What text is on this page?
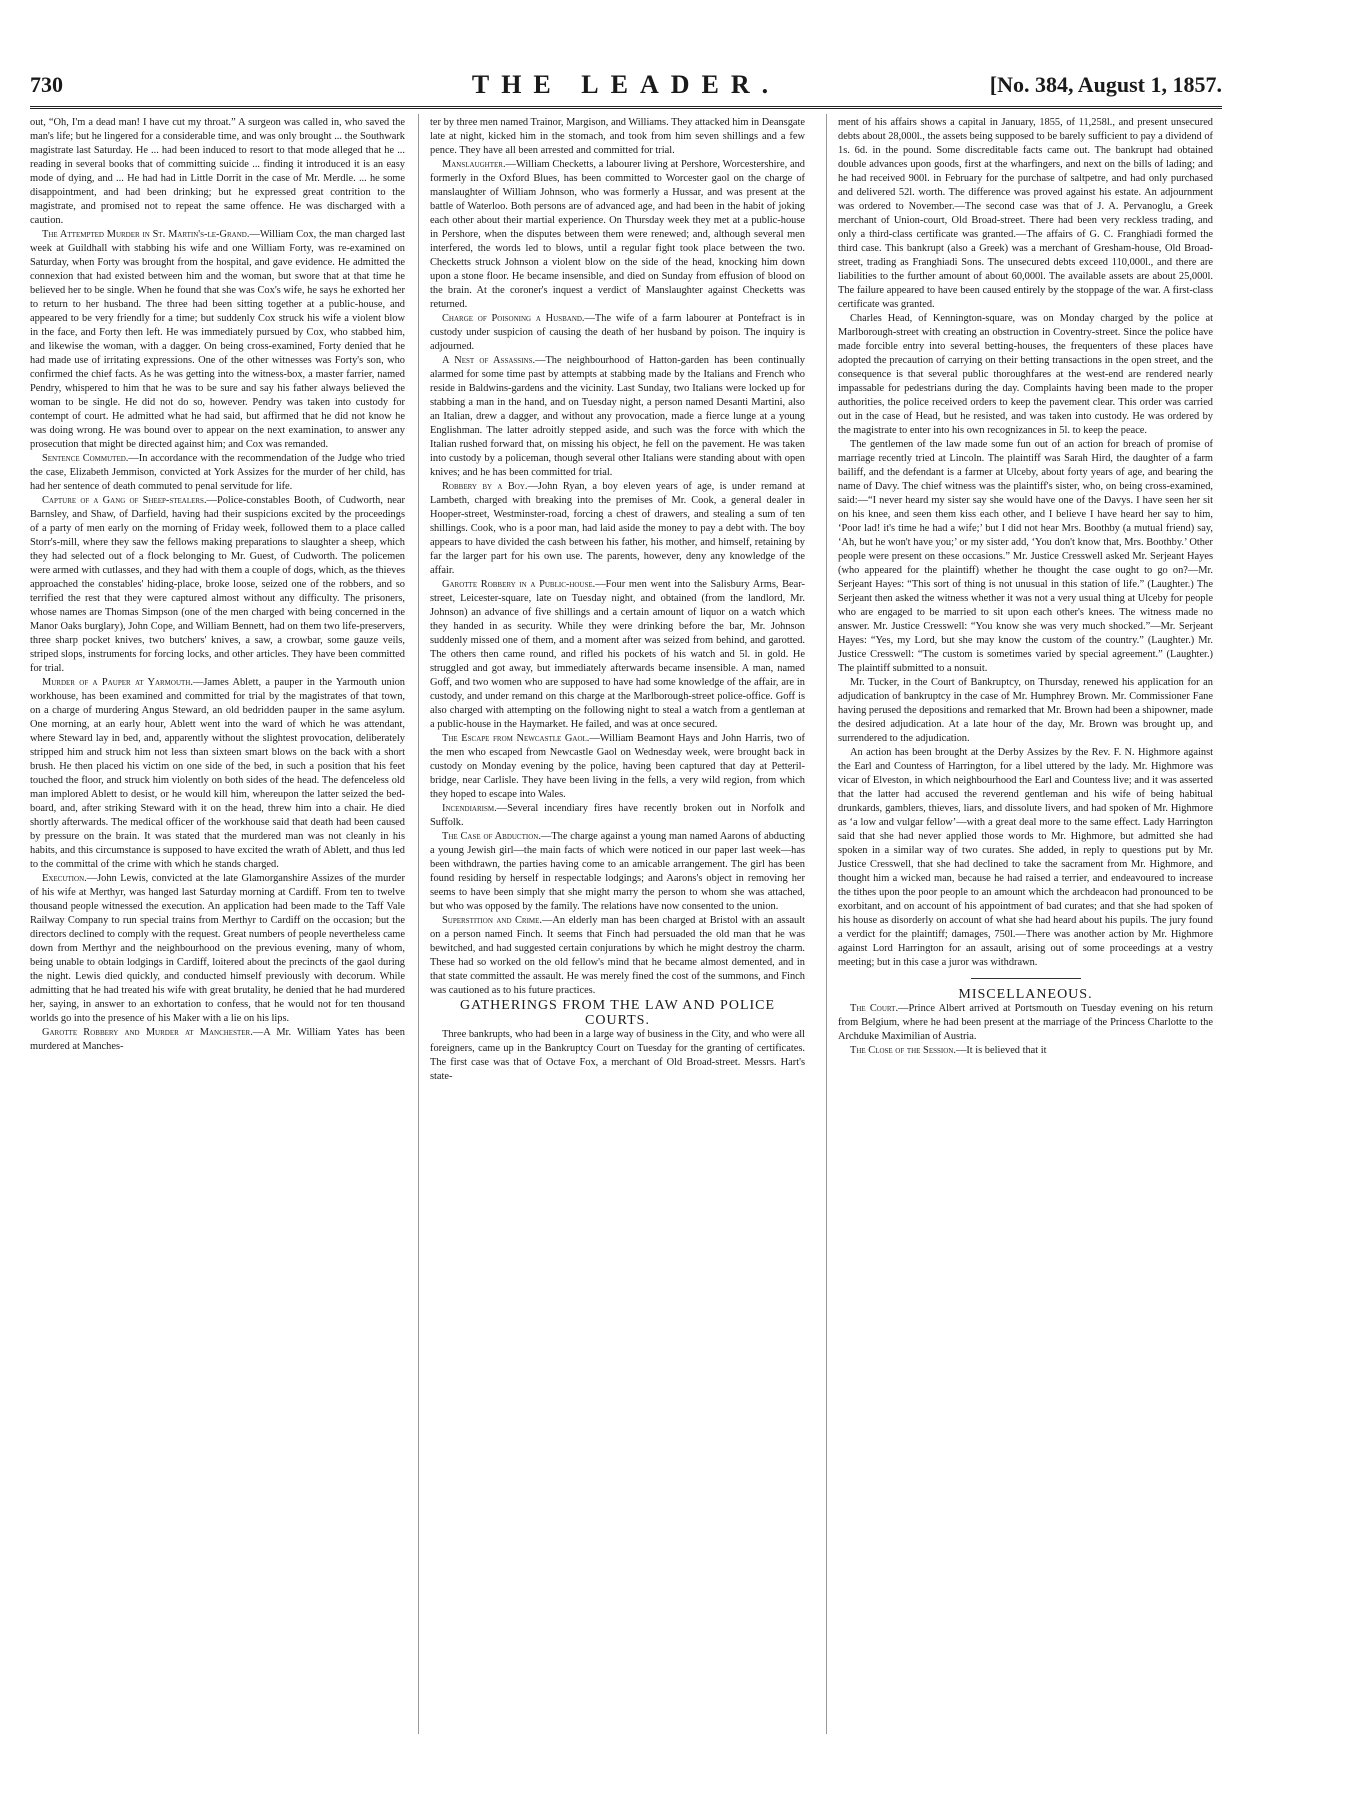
730	THE LEADER.	[No. 384, August 1, 1857.

out, “Oh, I'm a dead man! I have cut my throat.” A surgeon was called in, who saved the man's life; but he lingered for a considerable time, and was only brought ... the Southwark magistrate last Saturday. He ... had been induced to resort to that mode alleged that he ... reading in several books that of committing suicide ... finding it introduced it is an easy mode of dying, and ... He had had in Little Dorrit in the case of Mr. Merdle. ... he some disappointment, and had been drinking; but he expressed great contrition to the magistrate, and promised not to repeat the same offence. He was discharged with a caution.

The Attempted Murder in St. Martin's-le-Grand.—William Cox, the man charged last week at Guildhall with stabbing his wife and one William Forty, was re-examined on Saturday, when Forty was brought from the hospital, and gave evidence. He admitted the connexion that had existed between him and the woman, but swore that at that time he believed her to be single. When he found that she was Cox's wife, he says he exhorted her to return to her husband. The three had been sitting together at a public-house, and appeared to be very friendly for a time; but suddenly Cox struck his wife a violent blow in the face, and Forty then left. He was immediately pursued by Cox, who stabbed him, and likewise the woman, with a dagger. On being cross-examined, Forty denied that he had made use of irritating expressions. One of the other witnesses was Forty's son, who confirmed the chief facts. As he was getting into the witness-box, a master farrier, named Pendry, whispered to him that he was to be sure and say his father always believed the woman to be single. He did not do so, however. Pendry was taken into custody for contempt of court. He admitted what he had said, but affirmed that he did not know he was doing wrong. He was bound over to appear on the next examination, to answer any prosecution that might be directed against him; and Cox was remanded.

Sentence Commuted.—In accordance with the recommendation of the Judge who tried the case, Elizabeth Jemmison, convicted at York Assizes for the murder of her child, has had her sentence of death commuted to penal servitude for life.

Capture of a Gang of Sheep-stealers.—Police-constables Booth, of Cudworth, near Barnsley, and Shaw, of Darfield, having had their suspicions excited by the proceedings of a party of men early on the morning of Friday week, followed them to a place called Storr's-mill, where they saw the fellows making preparations to slaughter a sheep, which they had selected out of a flock belonging to Mr. Guest, of Cudworth. The policemen were armed with cutlasses, and they had with them a couple of dogs, which, as the thieves approached the constables' hiding-place, broke loose, seized one of the robbers, and so terrified the rest that they were captured almost without any difficulty. The prisoners, whose names are Thomas Simpson (one of the men charged with being concerned in the Manor Oaks burglary), John Cope, and William Bennett, had on them two life-preservers, three sharp pocket knives, two butchers' knives, a saw, a crowbar, some gauze veils, striped slops, instruments for forcing locks, and other articles. They have been committed for trial.

Murder of a Pauper at Yarmouth.—James Ablett, a pauper in the Yarmouth union workhouse, has been examined and committed for trial by the magistrates of that town, on a charge of murdering Angus Steward, an old bedridden pauper in the same asylum. One morning, at an early hour, Ablett went into the ward of which he was attendant, where Steward lay in bed, and, apparently without the slightest provocation, deliberately stripped him and struck him not less than sixteen smart blows on the back with a short brush. He then placed his victim on one side of the bed, in such a position that his feet touched the floor, and struck him violently on both sides of the head. The defenceless old man implored Ablett to desist, or he would kill him, whereupon the latter seized the bed-board, and, after striking Steward with it on the head, threw him into a chair. He died shortly afterwards. The medical officer of the workhouse said that death had been caused by pressure on the brain. It was stated that the murdered man was not cleanly in his habits, and this circumstance is supposed to have excited the wrath of Ablett, and thus led to the committal of the crime with which he stands charged.

Execution.—John Lewis, convicted at the late Glamorganshire Assizes of the murder of his wife at Merthyr, was hanged last Saturday morning at Cardiff. From ten to twelve thousand people witnessed the execution. An application had been made to the Taff Vale Railway Company to run special trains from Merthyr to Cardiff on the occasion; but the directors declined to comply with the request. Great numbers of people nevertheless came down from Merthyr and the neighbourhood on the previous evening, many of whom, being unable to obtain lodgings in Cardiff, loitered about the precincts of the gaol during the night. Lewis died quickly, and conducted himself previously with decorum. While admitting that he had treated his wife with great brutality, he denied that he had murdered her, saying, in answer to an exhortation to confess, that he would not for ten thousand worlds go into the presence of his Maker with a lie on his lips.

Garotte Robbery and Murder at Manchester.—A Mr. William Yates has been murdered at Manches-

ter by three men named Trainor, Margison, and Williams. They attacked him in Deansgate late at night, kicked him in the stomach, and took from him seven shillings and a few pence. They have all been arrested and committed for trial.

Manslaughter.—William Checketts, a labourer living at Pershore, Worcestershire, and formerly in the Oxford Blues, has been committed to Worcester gaol on the charge of manslaughter of William Johnson, who was formerly a Hussar, and was present at the battle of Waterloo. Both persons are of advanced age, and had been in the habit of joking each other about their martial experience. On Thursday week they met at a public-house in Pershore, when the disputes between them were renewed; and, although several men interfered, the words led to blows, until a regular fight took place between the two. Checketts struck Johnson a violent blow on the side of the head, knocking him down upon a stone floor. He became insensible, and died on Sunday from effusion of blood on the brain. At the coroner's inquest a verdict of Manslaughter against Checketts was returned.

Charge of Poisoning a Husband.—The wife of a farm labourer at Pontefract is in custody under suspicion of causing the death of her husband by poison. The inquiry is adjourned.

A Nest of Assassins.—The neighbourhood of Hatton-garden has been continually alarmed for some time past by attempts at stabbing made by the Italians and French who reside in Baldwins-gardens and the vicinity. Last Sunday, two Italians were locked up for stabbing a man in the hand, and on Tuesday night, a person named Desanti Martini, also an Italian, drew a dagger, and without any provocation, made a fierce lunge at a young Englishman. The latter adroitly stepped aside, and such was the force with which the Italian rushed forward that, on missing his object, he fell on the pavement. He was taken into custody by a policeman, though several other Italians were standing about with open knives; and he has been committed for trial.

Robbery by a Boy.—John Ryan, a boy eleven years of age, is under remand at Lambeth, charged with breaking into the premises of Mr. Cook, a general dealer in Hooper-street, Westminster-road, forcing a chest of drawers, and stealing a sum of ten shillings. Cook, who is a poor man, had laid aside the money to pay a debt with. The boy appears to have divided the cash between his father, his mother, and himself, retaining by far the larger part for his own use. The parents, however, deny any knowledge of the affair.

Garotte Robbery in a Public-house.—Four men went into the Salisbury Arms, Bear-street, Leicester-square, late on Tuesday night, and obtained (from the landlord, Mr. Johnson) an advance of five shillings and a certain amount of liquor on a watch which they handed in as security. While they were drinking before the bar, Mr. Johnson suddenly missed one of them, and a moment after was seized from behind, and garotted. The others then came round, and rifled his pockets of his watch and 5l. in gold. He struggled and got away, but immediately afterwards became insensible. A man, named Goff, and two women who are supposed to have had some knowledge of the affair, are in custody, and under remand on this charge at the Marlborough-street police-office. Goff is also charged with attempting on the following night to steal a watch from a gentleman at a public-house in the Haymarket. He failed, and was at once secured.

The Escape from Newcastle Gaol.—William Beamont Hays and John Harris, two of the men who escaped from Newcastle Gaol on Wednesday week, were brought back in custody on Monday evening by the police, having been captured that day at Petteril-bridge, near Carlisle. They have been living in the fells, a very wild region, from which they hoped to escape into Wales.

Incendiarism.—Several incendiary fires have recently broken out in Norfolk and Suffolk.

The Case of Abduction.—The charge against a young man named Aarons of abducting a young Jewish girl—the main facts of which were noticed in our paper last week—has been withdrawn, the parties having come to an amicable arrangement. The girl has been found residing by herself in respectable lodgings; and Aarons's object in removing her seems to have been simply that she might marry the person to whom she was attached, but who was opposed by the family. The relations have now consented to the union.

Superstition and Crime.—An elderly man has been charged at Bristol with an assault on a person named Finch. It seems that Finch had persuaded the old man that he was bewitched, and had suggested certain conjurations by which he might destroy the charm. These had so worked on the old fellow's mind that he became almost demented, and in that state committed the assault. He was merely fined the cost of the summons, and Finch was cautioned as to his future practices.

GATHERINGS FROM THE LAW AND POLICE COURTS.

Three bankrupts, who had been in a large way of business in the City, and who were all foreigners, came up in the Bankruptcy Court on Tuesday for the granting of certificates. The first case was that of Octave Fox, a merchant of Old Broad-street. Messrs. Hart's state-

ment of his affairs shows a capital in January, 1855, of 11,258l., and present unsecured debts about 28,000l., the assets being supposed to be barely sufficient to pay a dividend of 1s. 6d. in the pound. Some discreditable facts came out. The bankrupt had obtained double advances upon goods, first at the wharfingers, and next on the bills of lading; and he had received 900l. in February for the purchase of saltpetre, and had only purchased and delivered 52l. worth. The difference was proved against his estate. An adjournment was ordered to November.—The second case was that of J. A. Pervanoglu, a Greek merchant of Union-court, Old Broad-street. There had been very reckless trading, and only a third-class certificate was granted.—The affairs of G. C. Franghiadi formed the third case. This bankrupt (also a Greek) was a merchant of Gresham-house, Old Broad-street, trading as Franghiadi Sons. The unsecured debts exceed 110,000l., and there are liabilities to the further amount of about 60,000l. The available assets are about 25,000l. The failure appeared to have been caused entirely by the stoppage of the war. A first-class certificate was granted.

Charles Head, of Kennington-square, was on Monday charged by the police at Marlborough-street with creating an obstruction in Coventry-street. Since the police have made forcible entry into several betting-houses, the frequenters of these places have adopted the precaution of carrying on their betting transactions in the open street, and the consequence is that several public thoroughfares at the west-end are rendered nearly impassable for pedestrians during the day. Complaints having been made to the proper authorities, the police received orders to keep the pavement clear. This order was carried out in the case of Head, but he resisted, and was taken into custody. He was ordered by the magistrate to enter into his own recognizances in 5l. to keep the peace.

The gentlemen of the law made some fun out of an action for breach of promise of marriage recently tried at Lincoln. The plaintiff was Sarah Hird, the daughter of a farm bailiff, and the defendant is a farmer at Ulceby, about forty years of age, and bearing the name of Davy. The chief witness was the plaintiff's sister, who, on being cross-examined, said:—“I never heard my sister say she would have one of the Davys. I have seen her sit on his knee, and seen them kiss each other, and I believe I have heard her say to him, ‘Poor lad! it's time he had a wife;’ but I did not hear Mrs. Boothby (a mutual friend) say, ‘Ah, but he won't have you;’ or my sister add, ‘You don't know that, Mrs. Boothby.’ Other people were present on these occasions.” Mr. Justice Cresswell asked Mr. Serjeant Hayes (who appeared for the plaintiff) whether he thought the case ought to go on?—Mr. Serjeant Hayes: “This sort of thing is not unusual in this station of life.” (Laughter.) The Serjeant then asked the witness whether it was not a very usual thing at Ulceby for people who are engaged to be married to sit upon each other's knees. The witness made no answer. Mr. Justice Cresswell: “You know she was very much shocked.”—Mr. Serjeant Hayes: “Yes, my Lord, but she may know the custom of the country.” (Laughter.) Mr. Justice Cresswell: “The custom is sometimes varied by special agreement.” (Laughter.) The plaintiff submitted to a nonsuit.

Mr. Tucker, in the Court of Bankruptcy, on Thursday, renewed his application for an adjudication of bankruptcy in the case of Mr. Humphrey Brown. Mr. Commissioner Fane having perused the depositions and remarked that Mr. Brown had been a shipowner, made the desired adjudication. At a late hour of the day, Mr. Brown was brought up, and surrendered to the adjudication.

An action has been brought at the Derby Assizes by the Rev. F. N. Highmore against the Earl and Countess of Harrington, for a libel uttered by the lady. Mr. Highmore was vicar of Elveston, in which neighbourhood the Earl and Countess live; and it was asserted that the latter had accused the reverend gentleman and his wife of being habitual drunkards, gamblers, thieves, liars, and dissolute livers, and had spoken of Mr. Highmore as ‘a low and vulgar fellow’—with a great deal more to the same effect. Lady Harrington said that she had never applied those words to Mr. Highmore, but admitted she had spoken in a similar way of two curates. She added, in reply to questions put by Mr. Justice Cresswell, that she had declined to take the sacrament from Mr. Highmore, and thought him a wicked man, because he had raised a terrier, and endeavoured to increase the tithes upon the poor people to an amount which the archdeacon had pronounced to be exorbitant, and on account of his appointment of bad curates; and that she had spoken of his house as disorderly on account of what she had heard about his pupils. The jury found a verdict for the plaintiff; damages, 750l.—There was another action by Mr. Highmore against Lord Harrington for an assault, arising out of some proceedings at a vestry meeting; but in this case a juror was withdrawn.

MISCELLANEOUS.

The Court.—Prince Albert arrived at Portsmouth on Tuesday evening on his return from Belgium, where he had been present at the marriage of the Princess Charlotte to the Archduke Maximilian of Austria.

The Close of the Session.—It is believed that it
